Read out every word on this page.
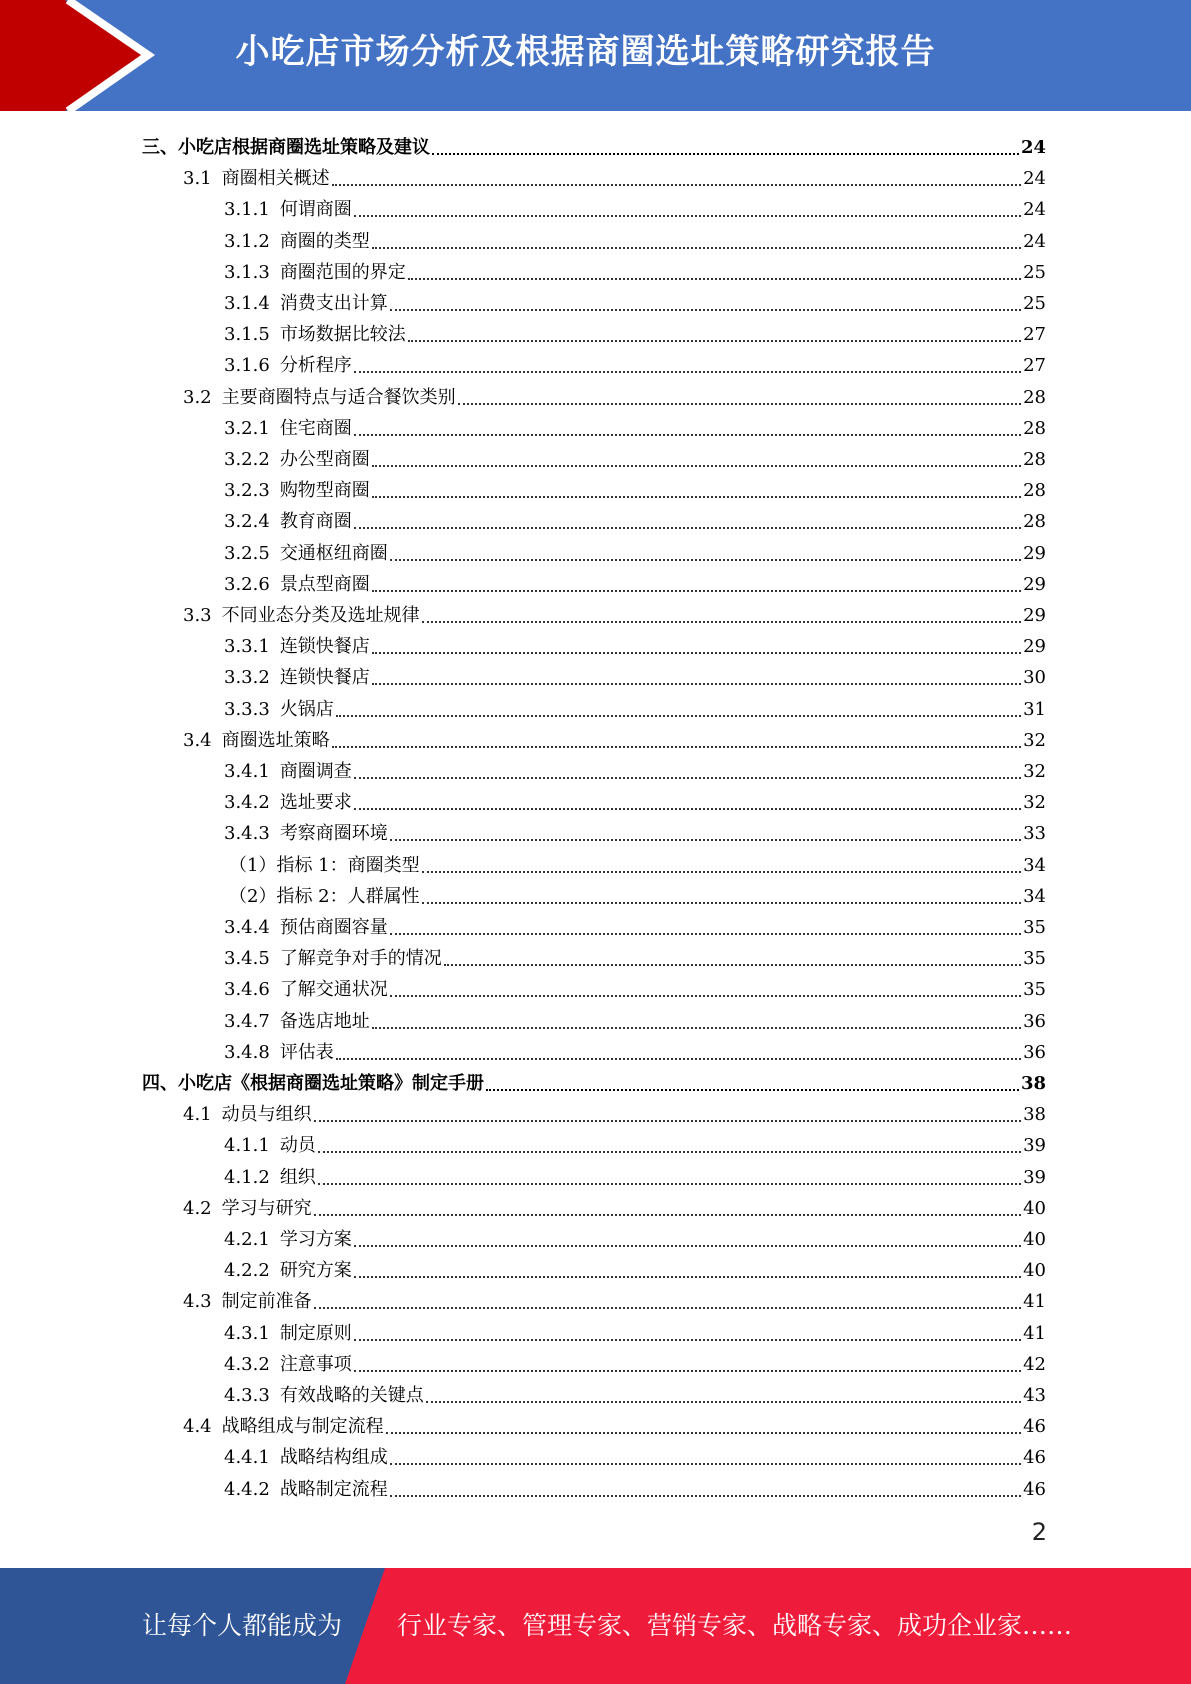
小吃店市场分析及根据商圈选址策略研究报告
三、小吃店根据商圈选址策略及建议	24
3.1 商圈相关概述	24
3.1.1 何谓商圈	24
3.1.2 商圈的类型	24
3.1.3 商圈范围的界定	25
3.1.4 消费支出计算	25
3.1.5 市场数据比较法	27
3.1.6 分析程序	27
3.2 主要商圈特点与适合餐饮类别	28
3.2.1 住宅商圈	28
3.2.2 办公型商圈	28
3.2.3 购物型商圈	28
3.2.4 教育商圈	28
3.2.5 交通枢纽商圈	29
3.2.6 景点型商圈	29
3.3 不同业态分类及选址规律	29
3.3.1 连锁快餐店	29
3.3.2 连锁快餐店	30
3.3.3 火锅店	31
3.4 商圈选址策略	32
3.4.1 商圈调查	32
3.4.2 选址要求	32
3.4.3 考察商圈环境	33
（1）指标 1：商圈类型	34
（2）指标 2：人群属性	34
3.4.4 预估商圈容量	35
3.4.5 了解竞争对手的情况	35
3.4.6 了解交通状况	35
3.4.7 备选店地址	36
3.4.8 评估表	36
四、小吃店《根据商圈选址策略》制定手册	38
4.1 动员与组织	38
4.1.1 动员	39
4.1.2 组织	39
4.2 学习与研究	40
4.2.1 学习方案	40
4.2.2 研究方案	40
4.3 制定前准备	41
4.3.1 制定原则	41
4.3.2 注意事项	42
4.3.3 有效战略的关键点	43
4.4 战略组成与制定流程	46
4.4.1 战略结构组成	46
4.4.2 战略制定流程	46
2
让每个人都能成为 行业专家、管理专家、营销专家、战略专家、成功企业家……
